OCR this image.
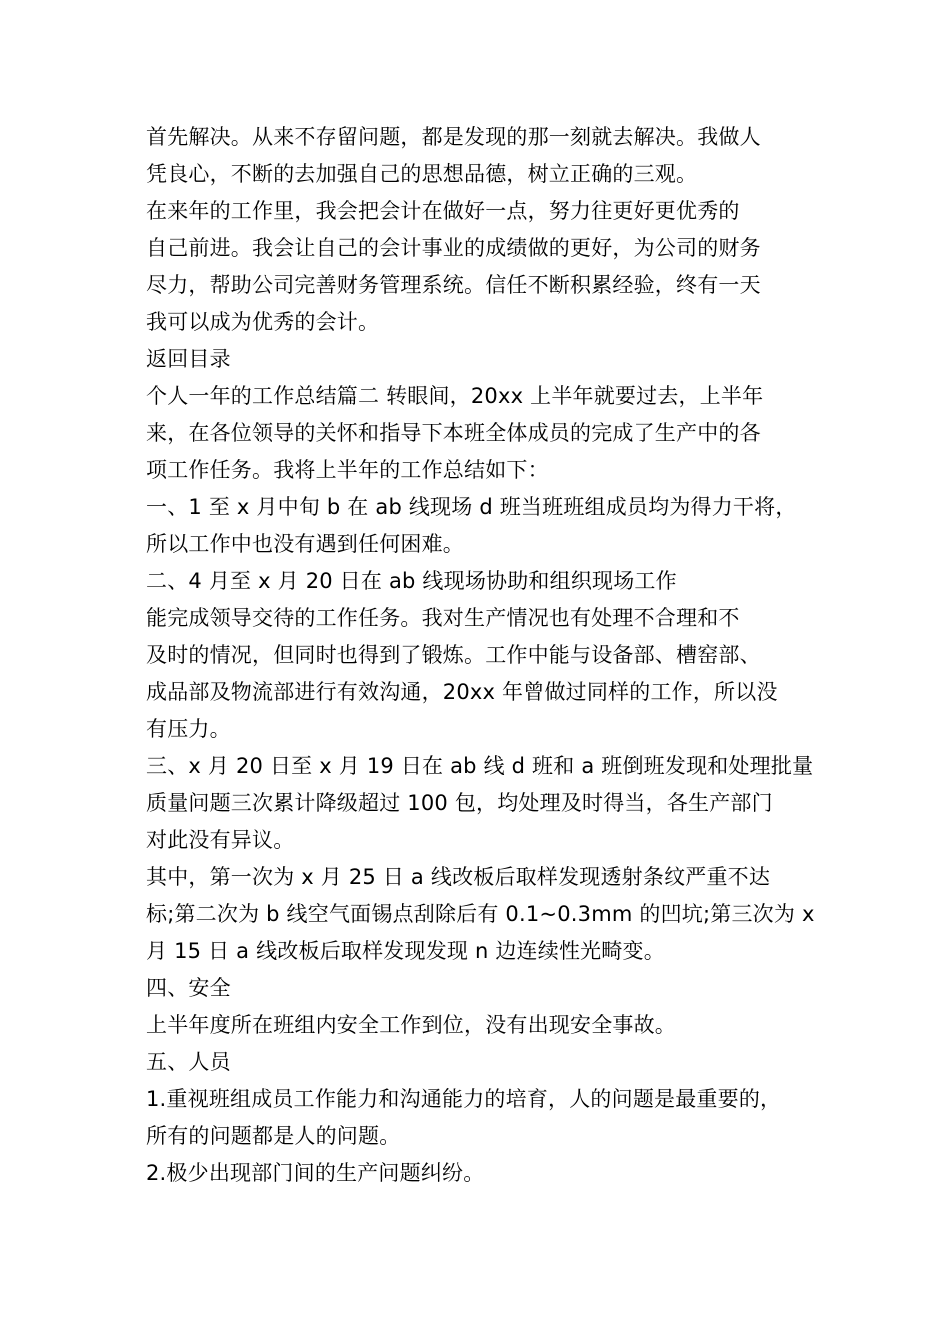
首先解决。从来不存留问题，都是发现的那一刻就去解决。我做人

凭良心，不断的去加强自己的思想品德，树立正确的三观。

在来年的工作里，我会把会计在做好一点，努力往更好更优秀的

自己前进。我会让自己的会计事业的成绩做的更好，为公司的财务

尽力，帮助公司完善财务管理系统。信任不断积累经验，终有一天

我可以成为优秀的会计。

返回目录

个人一年的工作总结篇二 转眼间，20xx 上半年就要过去，上半年

来，在各位领导的关怀和指导下本班全体成员的完成了生产中的各

项工作任务。我将上半年的工作总结如下：

一、1 至 x 月中旬 b 在 ab 线现场 d 班当班班组成员均为得力干将，

所以工作中也没有遇到任何困难。

二、4 月至 x 月 20 日在 ab 线现场协助和组织现场工作

能完成领导交待的工作任务。我对生产情况也有处理不合理和不

及时的情况，但同时也得到了锻炼。工作中能与设备部、槽窑部、

成品部及物流部进行有效沟通，20xx 年曾做过同样的工作，所以没

有压力。

三、x 月 20 日至 x 月 19 日在 ab 线 d 班和 a 班倒班发现和处理批量

质量问题三次累计降级超过 100 包，均处理及时得当，各生产部门

对此没有异议。

其中，第一次为 x 月 25 日 a 线改板后取样发现透射条纹严重不达

标;第二次为 b 线空气面锡点刮除后有 0.1~0.3mm 的凹坑;第三次为 x

月 15 日 a 线改板后取样发现发现 n 边连续性光畸变。

四、安全

上半年度所在班组内安全工作到位，没有出现安全事故。

五、人员

1.重视班组成员工作能力和沟通能力的培育，人的问题是最重要的，

所有的问题都是人的问题。

2.极少出现部门间的生产问题纠纷。
